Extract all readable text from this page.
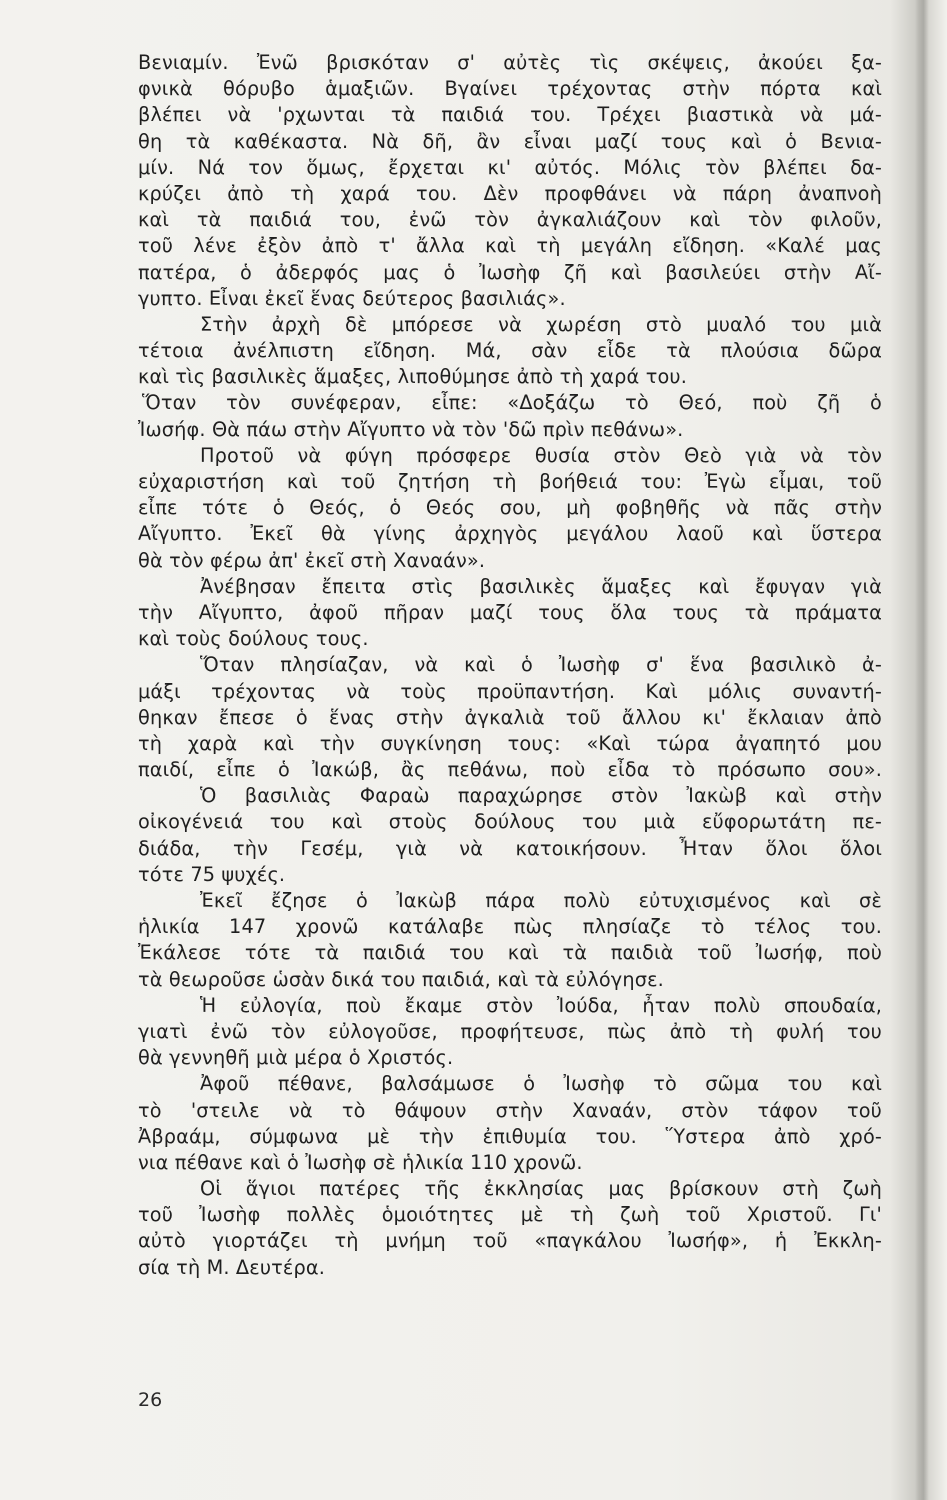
Βενιαμίν. Ἐνῶ βρισκόταν σ' αὐτὲς τὶς σκέψεις, ἀκούει ξα-
φνικὰ θόρυβο ἁμαξιῶν. Βγαίνει τρέχοντας στὴν πόρτα καὶ
βλέπει νὰ 'ρχωνται τὰ παιδιά του. Τρέχει βιαστικὰ νὰ μά-
θη τὰ καθέκαστα. Νὰ δῆ, ἂν εἶναι μαζί τους καὶ ὁ Βενια-
μίν. Νά τον ὅμως, ἔρχεται κι' αὐτός. Μόλις τὸν βλέπει δα-
κρύζει ἀπὸ τὴ χαρά του. Δὲν προφθάνει νὰ πάρη ἀναπνοὴ
καὶ τὰ παιδιά του, ἐνῶ τὸν ἀγκαλιάζουν καὶ τὸν φιλοῦν,
τοῦ λένε ἐξὸν ἀπὸ τ' ἄλλα καὶ τὴ μεγάλη εἴδηση. «Καλέ μας
πατέρα, ὁ ἀδερφός μας ὁ Ἰωσὴφ ζῆ καὶ βασιλεύει στὴν Αἴ-
γυπτο. Εἶναι ἐκεῖ ἕνας δεύτερος βασιλιάς».
Στὴν ἀρχὴ δὲ μπόρεσε νὰ χωρέση στὸ μυαλό του μιὰ
τέτοια ἀνέλπιστη εἴδηση. Μά, σὰν εἶδε τὰ πλούσια δῶρα
καὶ τὶς βασιλικὲς ἅμαξες, λιποθύμησε ἀπὸ τὴ χαρά του.
Ὅταν τὸν συνέφεραν, εἶπε: «Δοξάζω τὸ Θεό, ποὺ ζῆ ὁ
Ἰωσήφ. Θὰ πάω στὴν Αἴγυπτο νὰ τὸν 'δῶ πρὶν πεθάνω».
Προτοῦ νὰ φύγη πρόσφερε θυσία στὸν Θεὸ γιὰ νὰ τὸν
εὐχαριστήση καὶ τοῦ ζητήση τὴ βοήθειά του: Ἐγὼ εἶμαι, τοῦ
εἶπε τότε ὁ Θεός, ὁ Θεός σου, μὴ φοβηθῆς νὰ πᾶς στὴν
Αἴγυπτο. Ἐκεῖ θὰ γίνης ἀρχηγὸς μεγάλου λαοῦ καὶ ὕστερα
θὰ τὸν φέρω ἀπ' ἐκεῖ στὴ Χαναάν».
Ἀνέβησαν ἔπειτα στὶς βασιλικὲς ἅμαξες καὶ ἔφυγαν γιὰ
τὴν Αἴγυπτο, ἀφοῦ πῆραν μαζί τους ὅλα τους τὰ πράματα
καὶ τοὺς δούλους τους.
Ὅταν πλησίαζαν, νὰ καὶ ὁ Ἰωσὴφ σ' ἕνα βασιλικὸ ἀ-
μάξι τρέχοντας νὰ τοὺς προϋπαντήση. Καὶ μόλις συναντή-
θηκαν ἔπεσε ὁ ἕνας στὴν ἀγκαλιὰ τοῦ ἄλλου κι' ἔκλαιαν ἀπὸ
τὴ χαρὰ καὶ τὴν συγκίνηση τους: «Καὶ τώρα ἀγαπητό μου
παιδί, εἶπε ὁ Ἰακώβ, ἂς πεθάνω, ποὺ εἶδα τὸ πρόσωπο σου».
Ὁ βασιλιὰς Φαραὼ παραχώρησε στὸν Ἰακὼβ καὶ στὴν
οἰκογένειά του καὶ στοὺς δούλους του μιὰ εὔφορωτάτη πε-
διάδα, τὴν Γεσέμ, γιὰ νὰ κατοικήσουν. Ἦταν ὅλοι ὅλοι
τότε 75 ψυχές.
Ἐκεῖ ἔζησε ὁ Ἰακὼβ πάρα πολὺ εὐτυχισμένος καὶ σὲ
ἡλικία 147 χρονῶ κατάλαβε πὼς πλησίαζε τὸ τέλος του.
Ἐκάλεσε τότε τὰ παιδιά του καὶ τὰ παιδιὰ τοῦ Ἰωσήφ, ποὺ
τὰ θεωροῦσε ὡσὰν δικά του παιδιά, καὶ τὰ εὐλόγησε.
Ἡ εὐλογία, ποὺ ἔκαμε στὸν Ἰούδα, ἦταν πολὺ σπουδαία,
γιατὶ ἐνῶ τὸν εὐλογοῦσε, προφήτευσε, πὼς ἀπὸ τὴ φυλή του
θὰ γεννηθῆ μιὰ μέρα ὁ Χριστός.
Ἀφοῦ πέθανε, βαλσάμωσε ὁ Ἰωσὴφ τὸ σῶμα του καὶ
τὸ 'στειλε νὰ τὸ θάψουν στὴν Χαναάν, στὸν τάφον τοῦ
Ἀβραάμ, σύμφωνα μὲ τὴν ἐπιθυμία του. Ὕστερα ἀπὸ χρό-
νια πέθανε καὶ ὁ Ἰωσὴφ σὲ ἡλικία 110 χρονῶ.
Οἱ ἅγιοι πατέρες τῆς ἐκκλησίας μας βρίσκουν στὴ ζωὴ
τοῦ Ἰωσὴφ πολλὲς ὁμοιότητες μὲ τὴ ζωὴ τοῦ Χριστοῦ. Γι'
αὐτὸ γιορτάζει τὴ μνήμη τοῦ «παγκάλου Ἰωσήφ», ἡ Ἐκκλη-
σία τὴ Μ. Δευτέρα.
26
